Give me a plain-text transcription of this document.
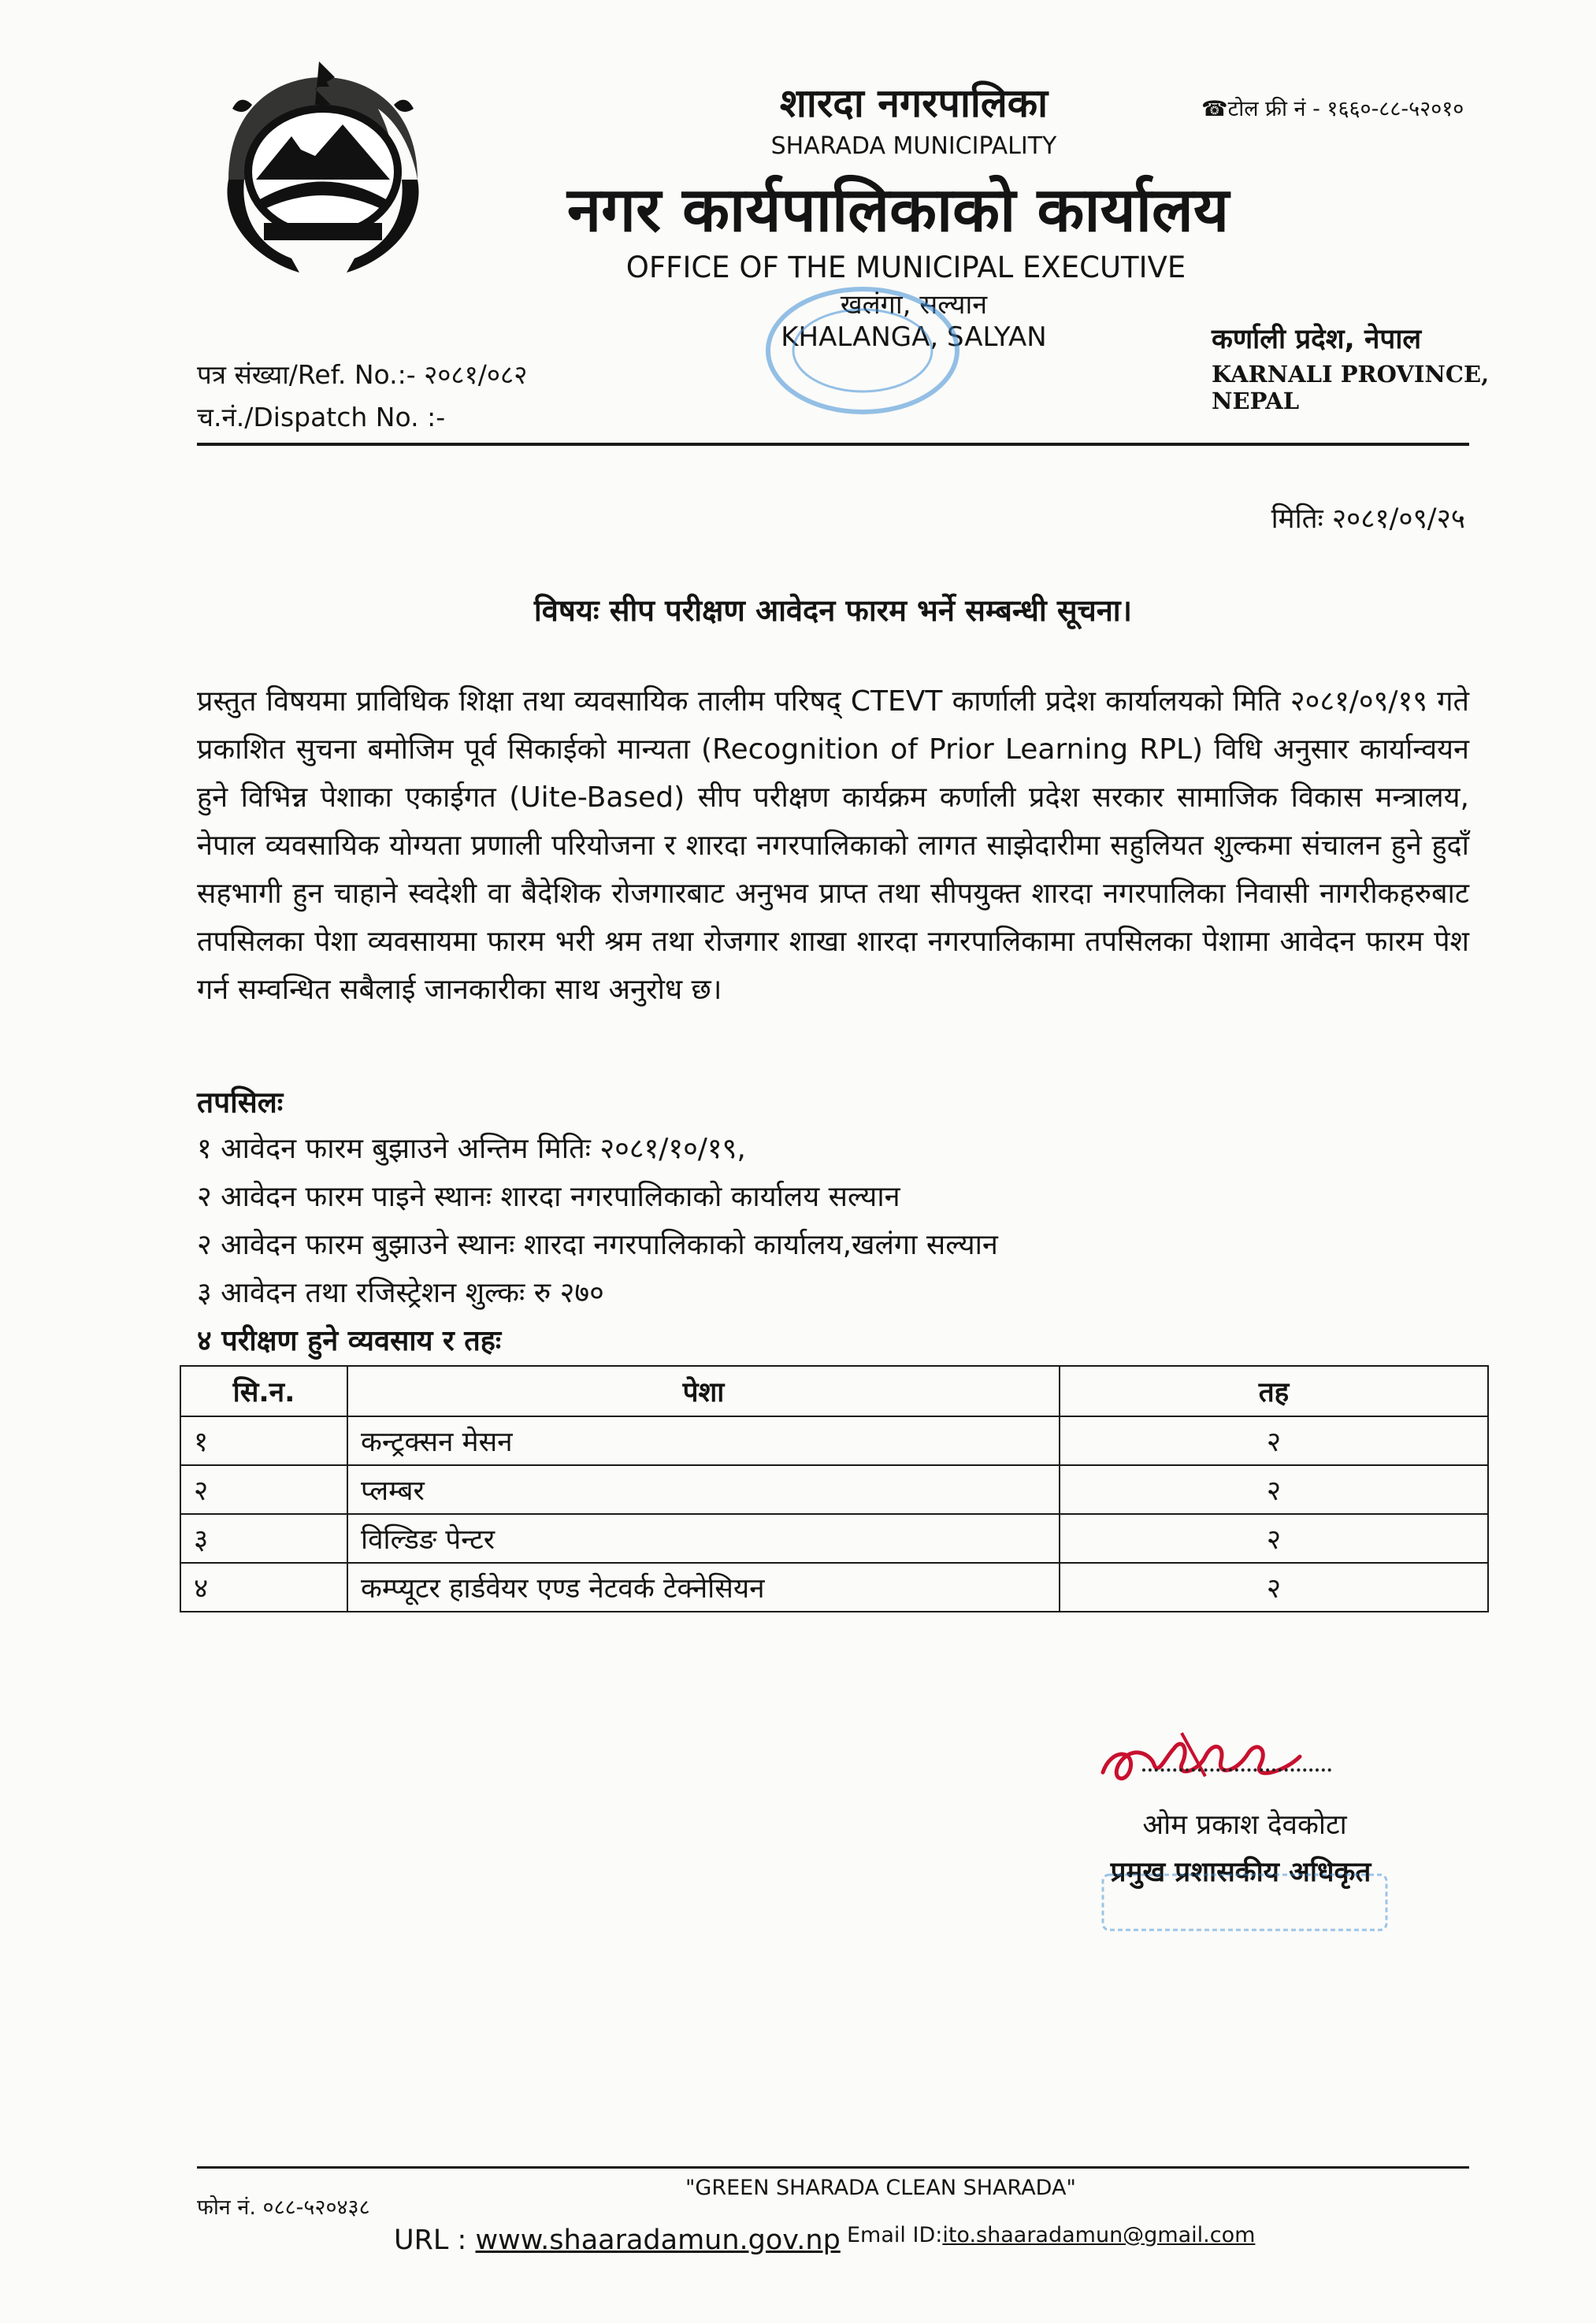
शारदा नगरपालिका
SHARADA MUNICIPALITY
नगर कार्यपालिकाको कार्यालय
OFFICE OF THE MUNICIPAL EXECUTIVE
खलंगा, सल्यान
KHALANGA, SALYAN
☎टोल फ्री नं - १६६०-८८-५२०१०
कर्णाली प्रदेश, नेपाल
KARNALI PROVINCE, NEPAL
पत्र संख्या/Ref. No.:- २०८१/०८२
च.नं./Dispatch No. :-
मितिः २०८१/०९/२५
विषयः सीप परीक्षण आवेदन फारम भर्ने सम्बन्धी सूचना।
प्रस्तुत विषयमा प्राविधिक शिक्षा तथा व्यवसायिक तालीम परिषद् CTEVT कार्णाली प्रदेश कार्यालयको मिति २०८१/०९/१९ गते प्रकाशित सुचना बमोजिम पूर्व सिकाईको मान्यता (Recognition of Prior Learning RPL) विधि अनुसार कार्यान्वयन हुने विभिन्न पेशाका एकाईगत (Uite-Based) सीप परीक्षण कार्यक्रम कर्णाली प्रदेश सरकार सामाजिक विकास मन्त्रालय, नेपाल व्यवसायिक योग्यता प्रणाली परियोजना र शारदा नगरपालिकाको लागत साझेदारीमा सहुलियत शुल्कमा संचालन हुने हुदाँ सहभागी हुन चाहाने स्वदेशी वा बैदेशिक रोजगारबाट अनुभव प्राप्त तथा सीपयुक्त शारदा नगरपालिका निवासी नागरीकहरुबाट तपसिलका पेशा व्यवसायमा फारम भरी श्रम तथा रोजगार शाखा शारदा नगरपालिकामा तपसिलका पेशामा आवेदन फारम पेश गर्न सम्वन्धित सबैलाई जानकारीका साथ अनुरोध छ।
तपसिलः
१ आवेदन फारम बुझाउने अन्तिम मितिः २०८१/१०/१९,
२ आवेदन फारम पाइने स्थानः शारदा नगरपालिकाको कार्यालय सल्यान
२ आवेदन फारम बुझाउने स्थानः शारदा नगरपालिकाको कार्यालय,खलंगा सल्यान
३ आवेदन तथा रजिस्ट्रेशन शुल्कः रु २७०
४ परीक्षण हुने व्यवसाय र तहः
सि.न.	पेशा	तह
१	कन्ट्रक्सन मेसन	२
२	प्लम्बर	२
३	विल्डिङ पेन्टर	२
४	कम्प्यूटर हार्डवेयर एण्ड नेटवर्क टेक्नेसियन	२
ओम प्रकाश देवकोटा
प्रमुख प्रशासकीय अधिकृत
फोन नं. ०८८-५२०४३८
"GREEN SHARADA CLEAN SHARADA"
URL : www.shaaradamun.gov.np Email ID:ito.shaaradamun@gmail.com
